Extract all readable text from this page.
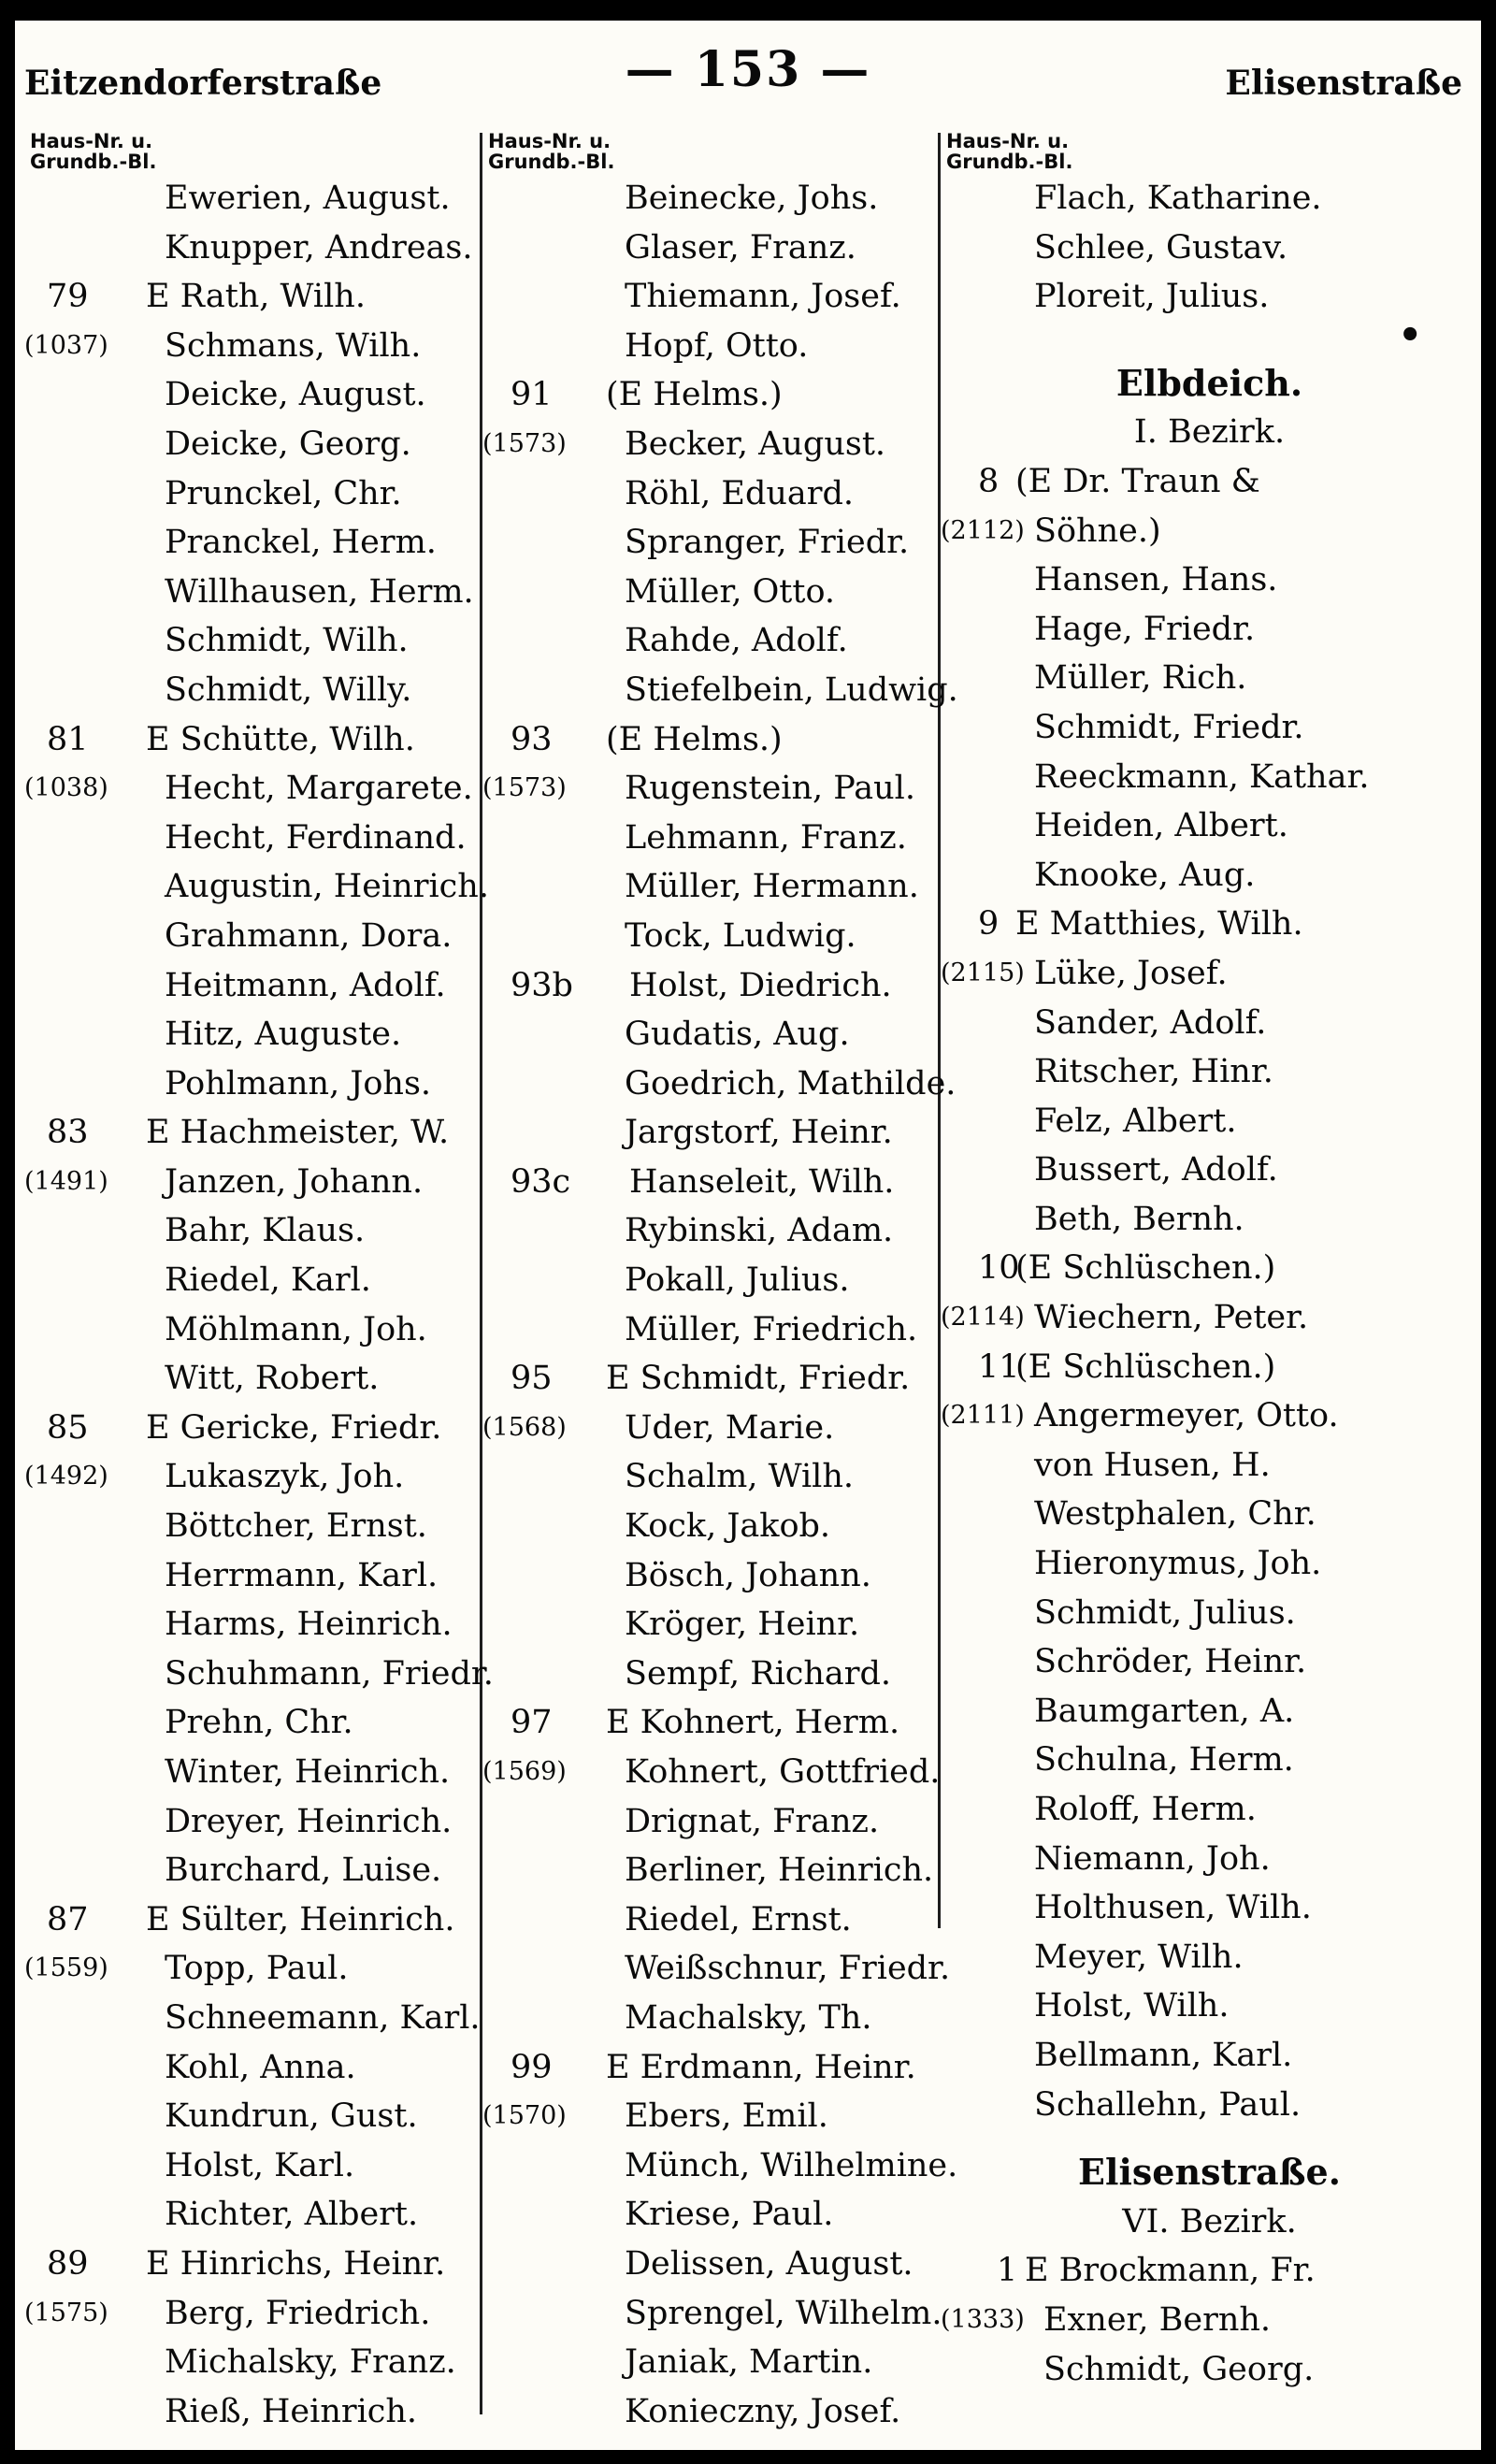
Eitzendorferstraße	— 153 —	Elisenstraße
Haus-Nr. u.
Grundb.-Bl.
Ewerien, August.
Knupper, Andreas.
79 E Rath, Wilh.
(1037) Schmans, Wilh.
Deicke, August.
Deicke, Georg.
Prunckel, Chr.
Pranckel, Herm.
Willhausen, Herm.
Schmidt, Wilh.
Schmidt, Willy.
81 E Schütte, Wilh.
(1038) Hecht, Margarete.
Hecht, Ferdinand.
Augustin, Heinrich.
Grahmann, Dora.
Heitmann, Adolf.
Hitz, Auguste.
Pohlmann, Johs.
83 E Hachmeister, W.
(1491) Janzen, Johann.
Bahr, Klaus.
Riedel, Karl.
Möhlmann, Joh.
Witt, Robert.
85 E Gericke, Friedr.
(1492) Lukaszyk, Joh.
Böttcher, Ernst.
Herrmann, Karl.
Harms, Heinrich.
Schuhmann, Friedr.
Prehn, Chr.
Winter, Heinrich.
Dreyer, Heinrich.
Burchard, Luise.
87 E Sülter, Heinrich.
(1559) Topp, Paul.
Schneemann, Karl.
Kohl, Anna.
Kundrun, Gust.
Holst, Karl.
Richter, Albert.
89 E Hinrichs, Heinr.
(1575) Berg, Friedrich.
Michalsky, Franz.
Rieß, Heinrich.
Haus-Nr. u.
Grundb.-Bl.
Beinecke, Johs.
Glaser, Franz.
Thiemann, Josef.
Hopf, Otto.
91 (E Helms.)
(1573) Becker, August.
Röhl, Eduard.
Spranger, Friedr.
Müller, Otto.
Rahde, Adolf.
Stiefelbein, Ludwig.
93 (E Helms.)
(1573) Rugenstein, Paul.
Lehmann, Franz.
Müller, Hermann.
Tock, Ludwig.
93b Holst, Diedrich.
Gudatis, Aug.
Goedrich, Mathilde.
Jargstorf, Heinr.
93c Hanseleit, Wilh.
Rybinski, Adam.
Pokall, Julius.
Müller, Friedrich.
95 E Schmidt, Friedr.
(1568) Uder, Marie.
Schalm, Wilh.
Kock, Jakob.
Bösch, Johann.
Kröger, Heinr.
Sempf, Richard.
97 E Kohnert, Herm.
(1569) Kohnert, Gottfried.
Drignat, Franz.
Berliner, Heinrich.
Riedel, Ernst.
Weißschnur, Friedr.
Machalsky, Th.
99 E Erdmann, Heinr.
(1570) Ebers, Emil.
Münch, Wilhelmine.
Kriese, Paul.
Delissen, August.
Sprengel, Wilhelm.
Janiak, Martin.
Konieczny, Josef.
Haus-Nr. u.
Grundb.-Bl.
Flach, Katharine.
Schlee, Gustav.
Ploreit, Julius.
•
Elbdeich.
I. Bezirk.
8 (E Dr. Traun &
(2112) Söhne.)
Hansen, Hans.
Hage, Friedr.
Müller, Rich.
Schmidt, Friedr.
Reeckmann, Kathar.
Heiden, Albert.
Knooke, Aug.
9 E Matthies, Wilh.
(2115) Lüke, Josef.
Sander, Adolf.
Ritscher, Hinr.
Felz, Albert.
Bussert, Adolf.
Beth, Bernh.
10
(E Schlüschen.)
(2114) Wiechern, Peter.
11
(E Schlüschen.)
(2111) Angermeyer, Otto.
von Husen, H.
Westphalen, Chr.
Hieronymus, Joh.
Schmidt, Julius.
Schröder, Heinr.
Baumgarten, A.
Schulna, Herm.
Roloff, Herm.
Niemann, Joh.
Holthusen, Wilh.
Meyer, Wilh.
Holst, Wilh.
Bellmann, Karl.
Schallehn, Paul.
Elisenstraße.
VI. Bezirk.
1 E Brockmann, Fr.
(1333) Exner, Bernh.
Schmidt, Georg.
